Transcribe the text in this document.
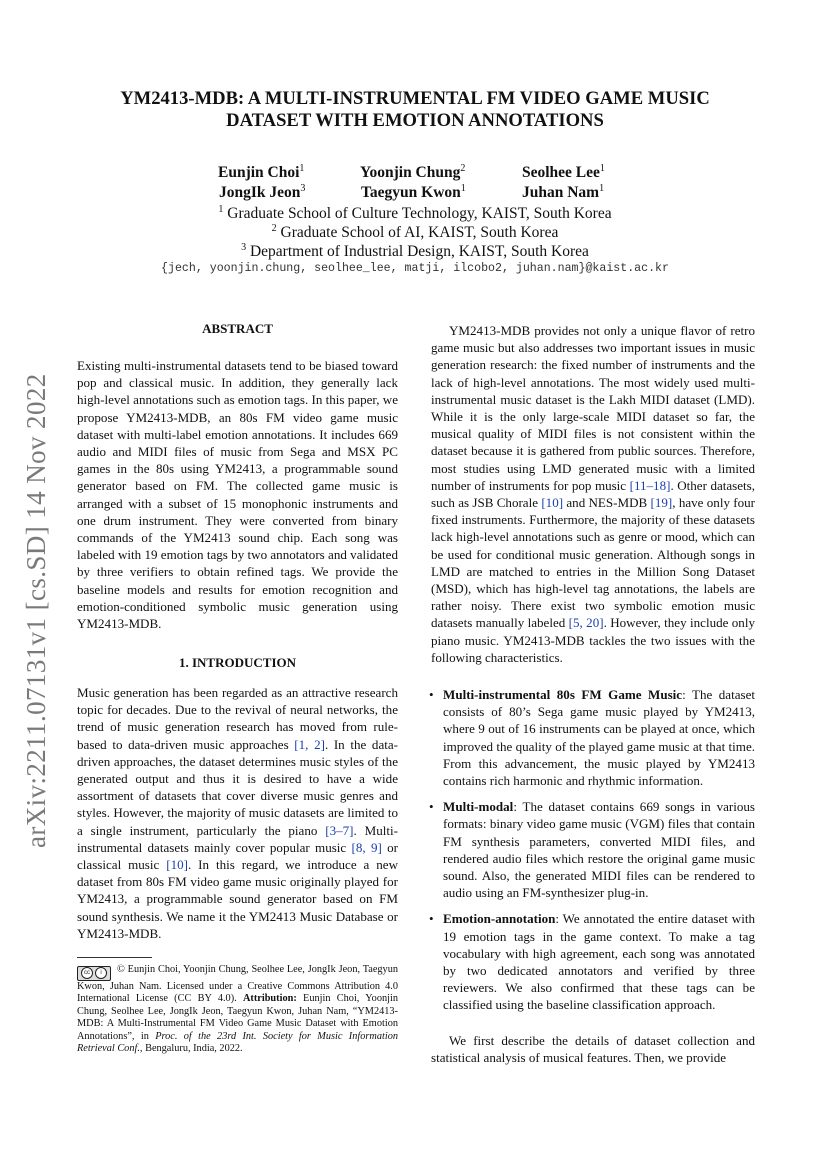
arXiv:2211.07131v1 [cs.SD] 14 Nov 2022
YM2413-MDB: A MULTI-INSTRUMENTAL FM VIDEO GAME MUSIC
DATASET WITH EMOTION ANNOTATIONS
Eunjin Choi$^1$	Yoonjin Chung$^2$	Seolhee Lee$^1$
JongIk Jeon$^3$	Taegyun Kwon$^1$	Juhan Nam$^1$
$^1$ Graduate School of Culture Technology, KAIST, South Korea
$^2$ Graduate School of AI, KAIST, South Korea
$^3$ Department of Industrial Design, KAIST, South Korea
{jech, yoonjin.chung, seolhee_lee, matji, ilcobo2, juhan.nam}@kaist.ac.kr
ABSTRACT

Existing multi-instrumental datasets tend to be biased toward pop and classical music. In addition, they generally lack high-level annotations such as emotion tags. In this paper, we propose YM2413-MDB, an 80s FM video game music dataset with multi-label emotion annotations. It includes 669 audio and MIDI files of music from Sega and MSX PC games in the 80s using YM2413, a programmable sound generator based on FM. The collected game music is arranged with a subset of 15 monophonic instruments and one drum instrument. They were converted from binary commands of the YM2413 sound chip. Each song was labeled with 19 emotion tags by two annotators and validated by three verifiers to obtain refined tags. We provide the baseline models and results for emotion recognition and emotion-conditioned symbolic music generation using YM2413-MDB.

1. INTRODUCTION

Music generation has been regarded as an attractive research topic for decades. Due to the revival of neural networks, the trend of music generation research has moved from rule-based to data-driven music approaches [1, 2]. In the data-driven approaches, the dataset determines music styles of the generated output and thus it is desired to have a wide assortment of datasets that cover diverse music genres and styles. However, the majority of music datasets are limited to a single instrument, particularly the piano [3–7]. Multi-instrumental datasets mainly cover popular music [8, 9] or classical music [10]. In this regard, we introduce a new dataset from 80s FM video game music originally played for YM2413, a programmable sound generator based on FM sound synthesis. We name it the YM2413 Music Database or YM2413-MDB.

cc	i	© Eunjin Choi, Yoonjin Chung, Seolhee Lee, JongIk Jeon, Taegyun Kwon, Juhan Nam. Licensed under a Creative Commons Attribution 4.0 International License (CC BY 4.0). Attribution: Eunjin Choi, Yoonjin Chung, Seolhee Lee, JongIk Jeon, Taegyun Kwon, Juhan Nam, “YM2413-MDB: A Multi-Instrumental FM Video Game Music Dataset with Emotion Annotations”, in Proc. of the 23rd Int. Society for Music Information Retrieval Conf., Bengaluru, India, 2022.

YM2413-MDB provides not only a unique flavor of retro game music but also addresses two important issues in music generation research: the fixed number of instruments and the lack of high-level annotations. The most widely used multi-instrumental music dataset is the Lakh MIDI dataset (LMD). While it is the only large-scale MIDI dataset so far, the musical quality of MIDI files is not consistent within the dataset because it is gathered from public sources. Therefore, most studies using LMD generated music with a limited number of instruments for pop music [11–18]. Other datasets, such as JSB Chorale [10] and NES-MDB [19], have only four fixed instruments. Furthermore, the majority of these datasets lack high-level annotations such as genre or mood, which can be used for conditional music generation. Although songs in LMD are matched to entries in the Million Song Dataset (MSD), which has high-level tag annotations, the labels are rather noisy. There exist two symbolic emotion music datasets manually labeled [5, 20]. However, they include only piano music. YM2413-MDB tackles the two issues with the following characteristics.

• Multi-instrumental 80s FM Game Music: The dataset consists of 80’s Sega game music played by YM2413, where 9 out of 16 instruments can be played at once, which improved the quality of the played game music at that time. From this advancement, the music played by YM2413 contains rich harmonic and rhythmic information.
• Multi-modal: The dataset contains 669 songs in various formats: binary video game music (VGM) files that contain FM synthesis parameters, converted MIDI files, and rendered audio files which restore the original game music sound. Also, the generated MIDI files can be rendered to audio using an FM-synthesizer plug-in.
• Emotion-annotation: We annotated the entire dataset with 19 emotion tags in the game context. To make a tag vocabulary with high agreement, each song was annotated by two dedicated annotators and verified by three reviewers. We also confirmed that these tags can be classified using the baseline classification approach.

We first describe the details of dataset collection and statistical analysis of musical features. Then, we provide
